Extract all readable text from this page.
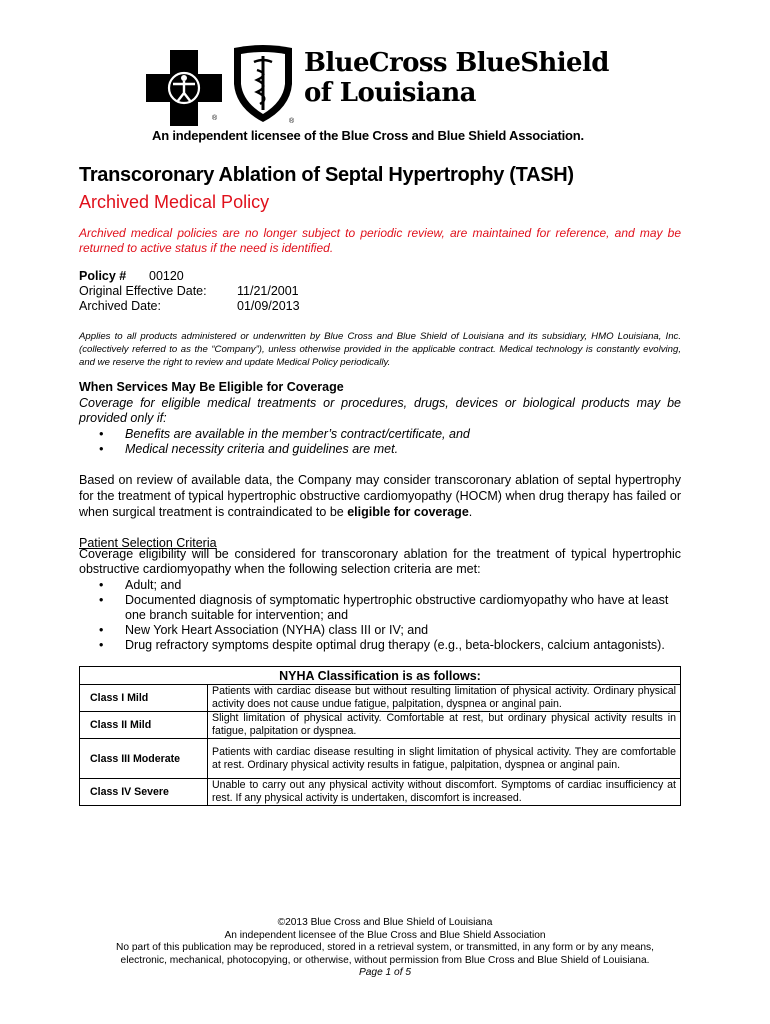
®	®
BlueCross BlueShield
of Louisiana
An independent licensee of the Blue Cross and Blue Shield Association.
Transcoronary Ablation of Septal Hypertrophy (TASH)
Archived Medical Policy
Archived medical policies are no longer subject to periodic review, are maintained for reference, and may be returned to active status if the need is identified.
Policy # 00120
Original Effective Date: 11/21/2001
Archived Date:	01/09/2013
Applies to all products administered or underwritten by Blue Cross and Blue Shield of Louisiana and its subsidiary, HMO Louisiana, Inc.(collectively referred to as the “Company”), unless otherwise provided in the applicable contract. Medical technology is constantly evolving, and we reserve the right to review and update Medical Policy periodically.
When Services May Be Eligible for Coverage
Coverage for eligible medical treatments or procedures, drugs, devices or biological products may be provided only if:
• Benefits are available in the member’s contract/certificate, and
• Medical necessity criteria and guidelines are met.
Based on review of available data, the Company may consider transcoronary ablation of septal hypertrophy for the treatment of typical hypertrophic obstructive cardiomyopathy (HOCM) when drug therapy has failed or when surgical treatment is contraindicated to be eligible for coverage.
Patient Selection Criteria
Coverage eligibility will be considered for transcoronary ablation for the treatment of typical hypertrophic obstructive cardiomyopathy when the following selection criteria are met:
• Adult; and
• Documented diagnosis of symptomatic hypertrophic obstructive cardiomyopathy who have at least one branch suitable for intervention; and
• New York Heart Association (NYHA) class III or IV; and
• Drug refractory symptoms despite optimal drug therapy (e.g., beta-blockers, calcium antagonists).
NYHA Classification is as follows:	
Class I Mild	Patients with cardiac disease but without resulting limitation of physical activity. Ordinary physical activity does not cause undue fatigue, palpitation, dyspnea or anginal pain.
Class II Mild	Slight limitation of physical activity. Comfortable at rest, but ordinary physical activity results in fatigue, palpitation or dyspnea.
Class III Moderate	Patients with cardiac disease resulting in slight limitation of physical activity. They are comfortable at rest. Ordinary physical activity results in fatigue, palpitation, dyspnea or anginal pain.
Class IV Severe	Unable to carry out any physical activity without discomfort. Symptoms of cardiac insufficiency at rest. If any physical activity is undertaken, discomfort is increased.
©2013 Blue Cross and Blue Shield of Louisiana
An independent licensee of the Blue Cross and Blue Shield Association
No part of this publication may be reproduced, stored in a retrieval system, or transmitted, in any form or by any means,
electronic, mechanical, photocopying, or otherwise, without permission from Blue Cross and Blue Shield of Louisiana.
Page 1 of 5
